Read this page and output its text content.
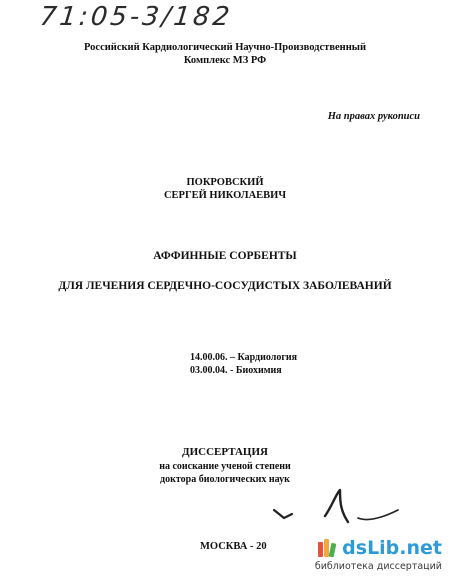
71:05-3/182
Российский Кардиологический Научно-Производственный
Комплекс МЗ РФ
На правах рукописи
ПОКРОВСКИЙ
СЕРГЕЙ НИКОЛАЕВИЧ
АФФИННЫЕ СОРБЕНТЫ
ДЛЯ ЛЕЧЕНИЯ СЕРДЕЧНО-СОСУДИСТЫХ ЗАБОЛЕВАНИЙ
14.00.06. – Кардиология
03.00.04. - Биохимия
ДИССЕРТАЦИЯ
на соискание ученой степени
доктора биологических наук
МОСКВА - 20	dsLib.net
библиотека диссертаций
